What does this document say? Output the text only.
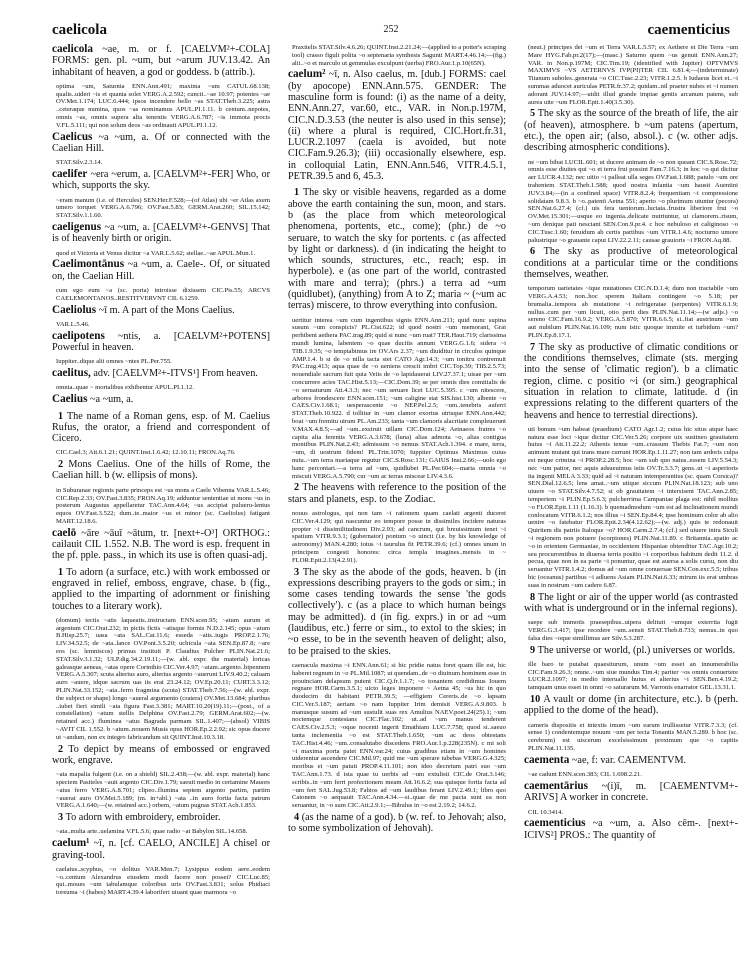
caelicola	252	caementicius
caelicola ~ae, m. or f. [CAELVM²+-COLA] FORMS: gen. pl. ~um, but ~arum JUV.13.42. An inhabitant of heaven, a god or goddess. b (attrib.).
optima ~um, Saturnia ENN.Ann.491; maxima ~um CATUL.68.138; qualis..uideri ~is et quanta solet VERG.A.2.592; cuncti..~ae 10.97; potentes ~ae OV.Met.1.174; LUC.6.444; ipsos incendere bello ~as STAT.Theb.3.225; astra ..ceteraque numina, quos ~as nominamus APUL.PI.1.11. b centum..nepotes, omnis ~as, omnis supera alta tenentis VERG.A.6.787; ~is immota procis V.FL.5.111; qui non solum deos ~as ordinauit APUL.PI.1.12.
Caelicus ~a ~um, a. Of or connected with the Caelian Hill.
STAT.Silv.2.3.14.
caelifer ~era ~erum, a. [CAELVM²+-FER] Who, or which, supports the sky.
~eram manum (i.e. of Hercules) SEN.Her.F.528;—(of Atlas) ubi ~er Atlas axem umero torquet VERG.A.6.796; OV.Fast.5.83; GERM.Arat.260; SIL.15.142; STAT.Silv.1.1.60.
caeligenus ~a ~um, a. [CAELVM²+-GENVS] That is of heavenly birth or origin.
quod et Victoria et Venus dicitur ~a VAR.L.5.62; stellae..~ae APUL.Mun.1.
Caelimontānus ~a ~um, a. Caele-. Of, or situated on, the Caelian Hill.
cum ego eum ~a (sc. porta) introisse dixissem CIC.Pis.55; ARCVS CAELEMONTANOS..RESTITVERVNT CIL 6.1259.
Caeliolus ~ī m. A part of the Mons Caelius.
VAR.L.5.46.
caelipotens ~ntis, a. [CAELVM²+POTENS] Powerful in heaven.
Iuppiter..dique alii omnes ~ntes PL.Per.755.
caelitus, adv. [CAELVM²+-ITVS¹] From heaven.
omnia..quae ~ mortalibus exhibentur APUL.PI.1.12.
Caelius ~a ~um, a.
1 The name of a Roman gens, esp. of M. Caelius Rufus, the orator, a friend and correspondent of Cicero.
CIC.Cael.3; Att.6.1.21; QUINT.Inst.1.6.42; 12.10.11; FRON.Aq.76.
2 Mons Caelius. One of the hills of Rome, the Caelian hill. b (w. ellipsis of mons).
in Suburanae regionis parte princeps est ~us mons a Caele Vibenna VAR.L.5.46; CIC.Rep.2.33; OV.Fast.3.835; FRON.Aq.19; adduntur sententiae ut mons ~us in posterum Augustus appellaretur TAC.Ann.4.64; ~us accipiat pulueru-lentus equos OV.Fast.3.522; dum..te..maior ~us et minor (sc. Caeliolus) fatigant MART.12.18.6.
caelō ~āre ~āuī ~ātum, tr. [next+-O³] ORTHOG.: cailauit CIL 1.552. N.B. The word is esp. frequent in the pf. pple. pass., in which its use is often quasi-adj.
1 To adorn (a surface, etc.) with work embossed or engraved in relief, emboss, engrave, chase. b (fig., applied to the imparting of adornment or finishing touches to a literary work).
(domum) tectis ~atis laqueatis..instructam ENN.scen.95; ~atum aurum et argentum CIC.Orat.232; in pictis fictis ~atisque formis N.D.2.145; opus ~atum B.Hisp.25.7; uasa ~ata SAL.Cat.11.6; esseda ~atis..iugis PROP.2.1.76; LIV.34.52.5; de ~ata..lance OV.Pont.3.5.20; uchicula ~ata SEN.Ep.87.8; ~are eos (sc. lemniscos) primus instituit P. Claudius Pulcher PLIN.Nat.21.6; STAT.Silv.3.1.32; ULP.dig.34.2.19.11;—(w. abl. expr. the material) loricas galeasque aeneas, ~atas opere Corinthio CIC.Ver.4.97; ~atam..argento..bipennem VERG.A.5.307; scuta alterius auro, alterius argento ~auerunt LIV.9.40.2; caluam auro ~auere, idque sacrum uas iis erat 23.24.12; OV.Ep.20.11; CURT.3.3.12; PLIN.Nat.33.152; ~ata..ferro fragmina (scuta) STAT.Theb.7.56;—(w. abl. expr. the subject or shape) longo ~aueral argumento (cratera) OV.Met.13.684; pluribus ..iubet fieri simili ~ata figura Fast.3.381; MART.10.20(19).11;—(post., of a constellation) ~atum stellis Delphina OV.Fast.2.79; GERM.Arat.602;—(w. retained acc.) fluminea ~atus Bagrada parmam SIL.1.407;—(absol) VIBIS ~AVIT CIL 1.552. b ~atum..nouem Musis opus HOR.Ep.2.2.92; sic opus ducere ut ~andum, non ex integro fabricandum sit QUINT.Inst.10.3.18.
2 To depict by means of embossed or engraved work, engrave.
~ata mapalia fulgent (i.e. on a shield) SIL.2.438;—(w. abl. expr. material) hanc speciem Pasiteles ~auit argento CIC.Div.1.79; saeuit medio in certamine Mauors ~atus ferro VERG.A.8.701; clipeo..flumina septem argento partim, partim ~auerat auro OV.Met.5.189; (m. in+abl.) ~ata ..in auro fortia facta patrum VERG.A.1.640;—(w. retained acc.) orbem, ~atum pugnas STAT.Ach.1.853.
3 To adorn with embroidery, embroider.
~ata..multa arte..uelamina V.FL.5.6; quae radio ~at Babylon SIL.14.658.
caelum¹ ~ī, n. [cf. CAELO, ANCILE] A chisel or graving-tool.
caelatus..scyphus, ~o dolitus VAR.Men.7; Lysippus eodem aere..eodem ~o..centum Alexandrus eiusdem modi facere non posset? CIC.Luc.85; qui..moues ~um tabulamque coloribus uris OV.Fast.3.831; solus Phidiaci toreuma ~i (habes) MART.4.39.4 laboriferi uiuant quae marmora ~o
Praxitelis STAT.Silv.4.6.26; QUINT.Inst.2.21.24;—(applied to a potter's scraping tool) crasso figuli polita ~o septenaria synthesis Sagunti MART.4.46.14;—(fig.) alii..~o et marculo ut gemmulas exculpunt (uerba) FRO.Aur.1.p.10(65N).
caelum² ~ī, n. Also caelus, m. [dub.] FORMS: cael (by apocope) ENN.Ann.575. GENDER: The masculine form is found: (i) as the name of a deity, ENN.Ann.27, var.60, etc., VAR. in Non.p.197M, CIC.N.D.3.53 (the neuter is also used in this sense); (ii) where a plural is required, CIC.Hort.fr.31, LUCR.2.1097 (caela is avoided, but note CIC.Fam.9.26.3); (iii) occasionally elsewhere, esp. in colloquial Latin, ENN.Ann.546, VITR.4.5.1, PETR.39.5 and 6, 45.3.
1 The sky or visible heavens, regarded as a dome above the earth containing the sun, moon, and stars. b (as the place from which meteorological phenomena, portents, etc., come); (phr.) de ~o seruare, to watch the sky for portents. c (as affected by light or darkness). d (in indicating the height to which sounds, structures, etc., reach; esp. in hyperbole). e (as one part of the world, contrasted with mare and terra); (phrs.) a terra ad ~um (quidlubet), (anything) from A to Z; maria ~ (~um ac terras) miscere, to throw everything into confusion.
uertitur interea ~um cum ingentibus signis ENN.Ann.211; quid nunc supina susum ~um conspicis? PL.Cist.622; id quod nostri ~um memorant, Grai perhibent aethera PAC.trag.89; quid si nunc ~um ruat? TER.Haut.719; clarissima mundi lumina, labentem ~o quae ducitis annum VERG.G.1.6; sidera ~i TIB.1.9.35; ~o temptabimus ire OV.Ars 2.37; ~um diuiditur in circulos quinque AMP.1.4. b si de ~o nilla tacta siet CATO Agr.14.3; ~um tonitru contremuit PAC.trag.413; aqua quae de ~o ueniens crescit imbri CIC.Top.39; TIB.2.5.73; nouendiale sacrum fuit quia Veiis de ~o lapidauerat LIV.27.37.1; uisae per ~um concurrere acies TAC.Hist.5.13;—CIC.Dom.39; se per omnis dies comitialis de ~o seruaturum Att.4.3.3; nec ~um seruare licet LUC.5.395. c ~um nitescere, arbores frondescere ENN.scen.151; ~um caligine stat SIS.hist.130; albente ~o CAES.Civ.1.68.1; uesperascente ~o NEP.Pel.2.5; ~um..tenebris auferri STAT.Theb.10.922. d tollitur in ~um clamor exortus utrisque ENN.Ann.442; boat ~um fremitu uirum PL.Am.233; tanta ~um clamoris alacritate compleuerunt V.MAX.4.8.5;—ad ~um..exstruit uillam CIC.Dom.124; Aetnaeos fratres ~o capita alta ferentis VERG.A.3.678; (luna) alias admota ~o, alias contigua montibus PLIN.Nat.2.43; admissum ~o nemus STAT.Ach.1.394. e mare, terra, ~um, di uostrum fidem! PL.Trin.1070; Iuppiter Optimus Maximus cuius nutu..~um terra mariaque regutur CIC.S.Rosc.131; GAIUS Inst.2.66;—uolo ego hanc percontari.—a terra ad ~um, quidlubet PL.Per.604;—maria omnia ~o miscuit VERG.A.5.790; cur ~um ac terras miscear LIV.4.3.6.
2 The heavens with reference to the position of the stars and planets, esp. to the Zodiac.
nouus astrologus, qui non tam ~i rationem quam caelati argenti duceret CIC.Ver.4.129; qui nascuntur eo tempore posse in dissimiles incidere naturas propter ~i dissimilitudinem Div.2.93; ad cancrum, qui breuissimum tenet ~i spatium VITR.9.3.1; (gubernator) pontum ~o uincit (i.e. by his knowledge of astronomy) MAN.4.280; totus ~i taurulus fit PETR.39.6; (cf.) omnes unum in principem congesti honores: circa templa imagines..mensis in ~ FLOR.Epit.2.13(4.2.91).
3 The sky as the abode of the gods, heaven. b (in expressions describing prayers to the gods or sim.; in some cases tending towards the sense 'the gods collectively'). c (as a place to which human beings may be admitted). d (in fig. exprs.) in or ad ~um (laudibus, etc.) ferre or sim., to extol to the skies; in ~o esse, to be in the seventh heaven of delight; also, to be praised to the skies.
caenacula maxima ~i ENN.Ann.61; si hic pridie natus foret quam ille est, hic haberet regnum in ~o PL.Mil.1087; ut quendam..de ~o diuinum hominem esse in prouinciam delapsum putent CIC.Q.fr.1.1.7; ~o tonantem credidimus Iouem regnare HOR.Carm.3.5.1; uicto leges imponere ~ Aetna 45; ~us hic in quo duodecim dii habitant PETR.39.5; —effigiem Cereris..de ~o lapsam CIC.Ver.5.187; aeriam ~o nam Iuppiter Irim demisit VERG.A.9.803. b manusque susum ad ~um sustulit suas rex Amulius NAEV.poet.24(25).1; ~um noctemque contestans CIC.Flac.102; ut..ad ~um manus tenderent CAES.Civ.2.5.3; ~oque nocenti ingerit Emathiam LUC.7.758; quod si..saeuo tanta inclementia ~o est STAT.Theb.1.650; ~um ac deos obtestans TAC.Hist.4.46; ~um..consalutabo discedens FRO.Aur.1.p.228(235N). c mi soli ~i maxima porta patet ENN.var.24; cuius gradibus etiam in ~um homines uiderentur ascendere CIC.Mil.97; quid me ~um sperare iubebas VERG.G.4.325; moribus et ~um patuit PROP.4.11.101; non ideo decretum patri suo ~um TAC.Ann.1.73. d ista quae tu uerbis ad ~um extulisti CIC.de Orat.3.146; scribis..in ~um ferri profectionem meam Att.16.6.2; sua quisque fortia facta ad ~um fert SAL.Jug.53.8; Fabios ad ~um laudibus ferant LIV.2.49.1; libro quo Catonem ~o aequauit TAC.Ann.4.34.—si..quae de me pacta sunt ea non seruantur, in ~o sum CIC.Att.2.9.1;—Bibulus in ~o est 2.19.2; 14.6.2.
4 (as the name of a god). b (w. ref. to Jehovah; also, to some symbolization of Jehovah).
(neut.) principes dei ~um et Terra VAR.L.5.57; ex Aethere et Die Terra ~um Mare HYG.Fab.pr.2(17);—(masc.) Saturno quem ~us genuit ENN.Ann.27; VAR. in Non.p.197M; CIC.Tim.19; (identified with Jupiter) OPTVMVS MAXIMVS ~VS AETERNVS IVP(PI)TER CIL 6.81.4;—(indeterminate) Titanum suboles..generata ~o CIC.Tusc.2.23; VITR.1.2.5. b Iudaeus licet et..~i summas aduocet auriculas PETR.fr.37.2; quidam..nil praeter nubes et ~i numen adorant JUV.14.97;—uidit illud grande impiae gentis arcanum patens, sub aurea uite ~um FLOR.Epit.1.40(3.5.30).
5 The sky as the source of the breath of life, the air (of heaven), atmosphere. b ~um patens (apertum, etc.), the open air; (also, absol.). c (w. other adjs. describing atmospheric conditions).
ne ~um bibat LUCIL.601; ut ducere animam de ~o non queant CIC.S.Rosc.72; omnis esse diuites qui ~o et terra frui possint Fam.7.16.3; in hoc ~o qui dicitur aer LUCR.4.132; nec uitio ~i palleat ulla seges OV.Fast.1.688; patulo ~um ore trahentem STAT.Theb.1.588; quod nostra infantia ~um hausit Auentini JUV.3.84;—(in a confined space) VITR.8.2.4; frequentiam ~i compressione solidatam 9.8.3. b ~o..patenti Aetna 551; aperto ~o plurimum utuntur (pecora) SEN.Nat.6.27.4; (cf.) uis fera uentorum..luctata..frustra liberiore frui ~o OV.Met.15.301;—usque eo ingenia..delicate nutriuntur, ut clamorem..risum, ~um denique pati nesciant SEN.Con.9.pr.4. c hoc nebuloso et caliginoso ~o CIC.Tusc.1.60; feruidum ab certis partibus ~um VITR.1.4.6; nocturno umore palustrique ~o grauante caput LIV.22.2.11; causae grauioris ~i FRON.Aq.88.
6 The sky as productive of meteorological conditions at a particular time or the conditions themselves, weather.
temporum uarietates ~ique mutationes CIC.N.D.1.4; dum non tractabile ~um VERG.A.4.53; non..hoc sperem Italiam contingere ~o 5.18; per brumalia..tempora ab mutatione ~i refrigeratae (serpentes) VITR.6.1.9; nullus..cum per ~um licuit, otio perit dies PLIN.Nat.11.14;—(w adjs.) ~o sereno CIC.Fam.16.9.2; VERG.A.5.870; VITR.6.6.5; si..fiat austrinum ~um aut nubilum PLIN.Nat.16.109; num istic quoque immite et turbidum ~um? PLIN.Ep.8.17.1.
7 The sky as productive of climatic conditions or the conditions themselves, climate (sts. merging into the sense of 'climatic region'). b a climatic region, clime. c positio ~i (or sim.) geographical situation in relation to climate, latitude. d (in expressions relating to the different quarters of the heavens and hence to terrestial directions).
uti bonum ~um habeat (praedium) CATO Agr.1.2; cuius hic situs atque haec natura esse loci ~ique dicitur CIC.Ver.5.26; corpore uix sustineo grauitatem huius ~i Att.11.22.2; Athenis tenue ~um..crassum Thebis Fat.7; ~um non animum mutant qui trans mare currunt HOR.Ep.1.11.27; non tam ardoris culpa est neque crimina ~i PROP.2.28.5; hoc ~um sub quo natus..essem LIV.5.54.3; nec ~um patior, nec aquis adsueuimus istis OV.Tr.3.3.7; gens..ut ~i asperioris ita ingenii MELA 3.33; quid ad ~i naturam intemperantius (sc. quam Corsica)? SEN.Dial.12.6.5; lens amat..~um utique siccum PLIN.Nat.18.123; sub uno uiuere ~o STAT.Silv.4.7.52; si ob grauitatem ~i intersisent TAC.Ann.2.85; temperiem ~i PLIN.Ep.5.6.3; pulcherrima Campaniae plaga est: nihil mollius ~o FLOR.Epit.1.11 (1.16.3). b quemadmodum ~um est ad inclinationem mundi conlocatum VITR.6.1.2; nos illius ~i SEN.Ep.84.4; ipse hominum color ab alio uenire ~o fatebatur FLOR.Epit.2.34(4.12.62);—(w. adj.) quis te redonauit Quiritem dis patriis Italoque ~o? HOR.Carm.2.7.4; (cf.) sed uiuere intra Siculi ~i regionem non potuere (scorpiones) PLIN.Nat.11.89. c Britannia..spatio ac ~o in orientem Germaniae, in occidentem Hispaniae obtenditur TAC.Agr.10.2; seu procurrentibus in diuersa terris positio ~i corporibus habitum dedit 11.2. d pecua, quae non in ea parte ~i ponuntur, quae est auersa a solis cursu, non diu seruantur VITR.1.4.2; domus ad ~um omne conuersae SEN.Con.exc.5.5; tribus hic (oceanus) partibus ~i adluens Asiam PLIN.Nat.6.33; mirum iis erat umbras suas in nostrum ~um cadere 6.87.
8 The light or air of the upper world (as contrasted with what is underground or in the infernal regions).
saepe sub immotis praesepibus..uipera delituit ~umque exterrita fugit VERG.G.3.417; ipse recedere ~um..sensit STAT.Theb.8.733; nemus..in quo falsa dies ~oque simillimus aer Silv.5.3.287.
9 The universe or world, (pl.) universes or worlds.
ille baro te putabat quaesiturum, unum ~um esset an innumerabilia CIC.Fam.9.26.3; omne..~um siue mundus Tim.4; pariter ~os omnis conuertere LUCR.2.1097; in medio interuallo huius et alterius ~i SEN.Ben.4.19.2; tamquam unus esset in omni ~o saturarum M. Varronis enarrator GEL.13.31.1.
10 A vault or dome (in architecture, etc.). b (perh. applied to the dome of the head).
cameris dispositis et intextis imum ~um earum trullissetur VITR.7.3.3; (cf. sense 1) condentemque nouum ~um per tecta Tonantis MAN.5.289. b hoc (sc. cerebrum) est uiscerum excelsissimum proximum que ~o capitis PLIN.Nat.11.135.
caementa ~ae, f: var. CAEMENTVM.
~ae cadunt ENN.scen.383; CIL 1.698.2.21.
caementārius ~(i)ī, m. [CAEMENTVM+-ARIVS] A worker in concrete.
CIL 10.3414.
caementicius ~a ~um, a. Also cēm-. [next+-ICIVS²] PROS.: The quantity of
